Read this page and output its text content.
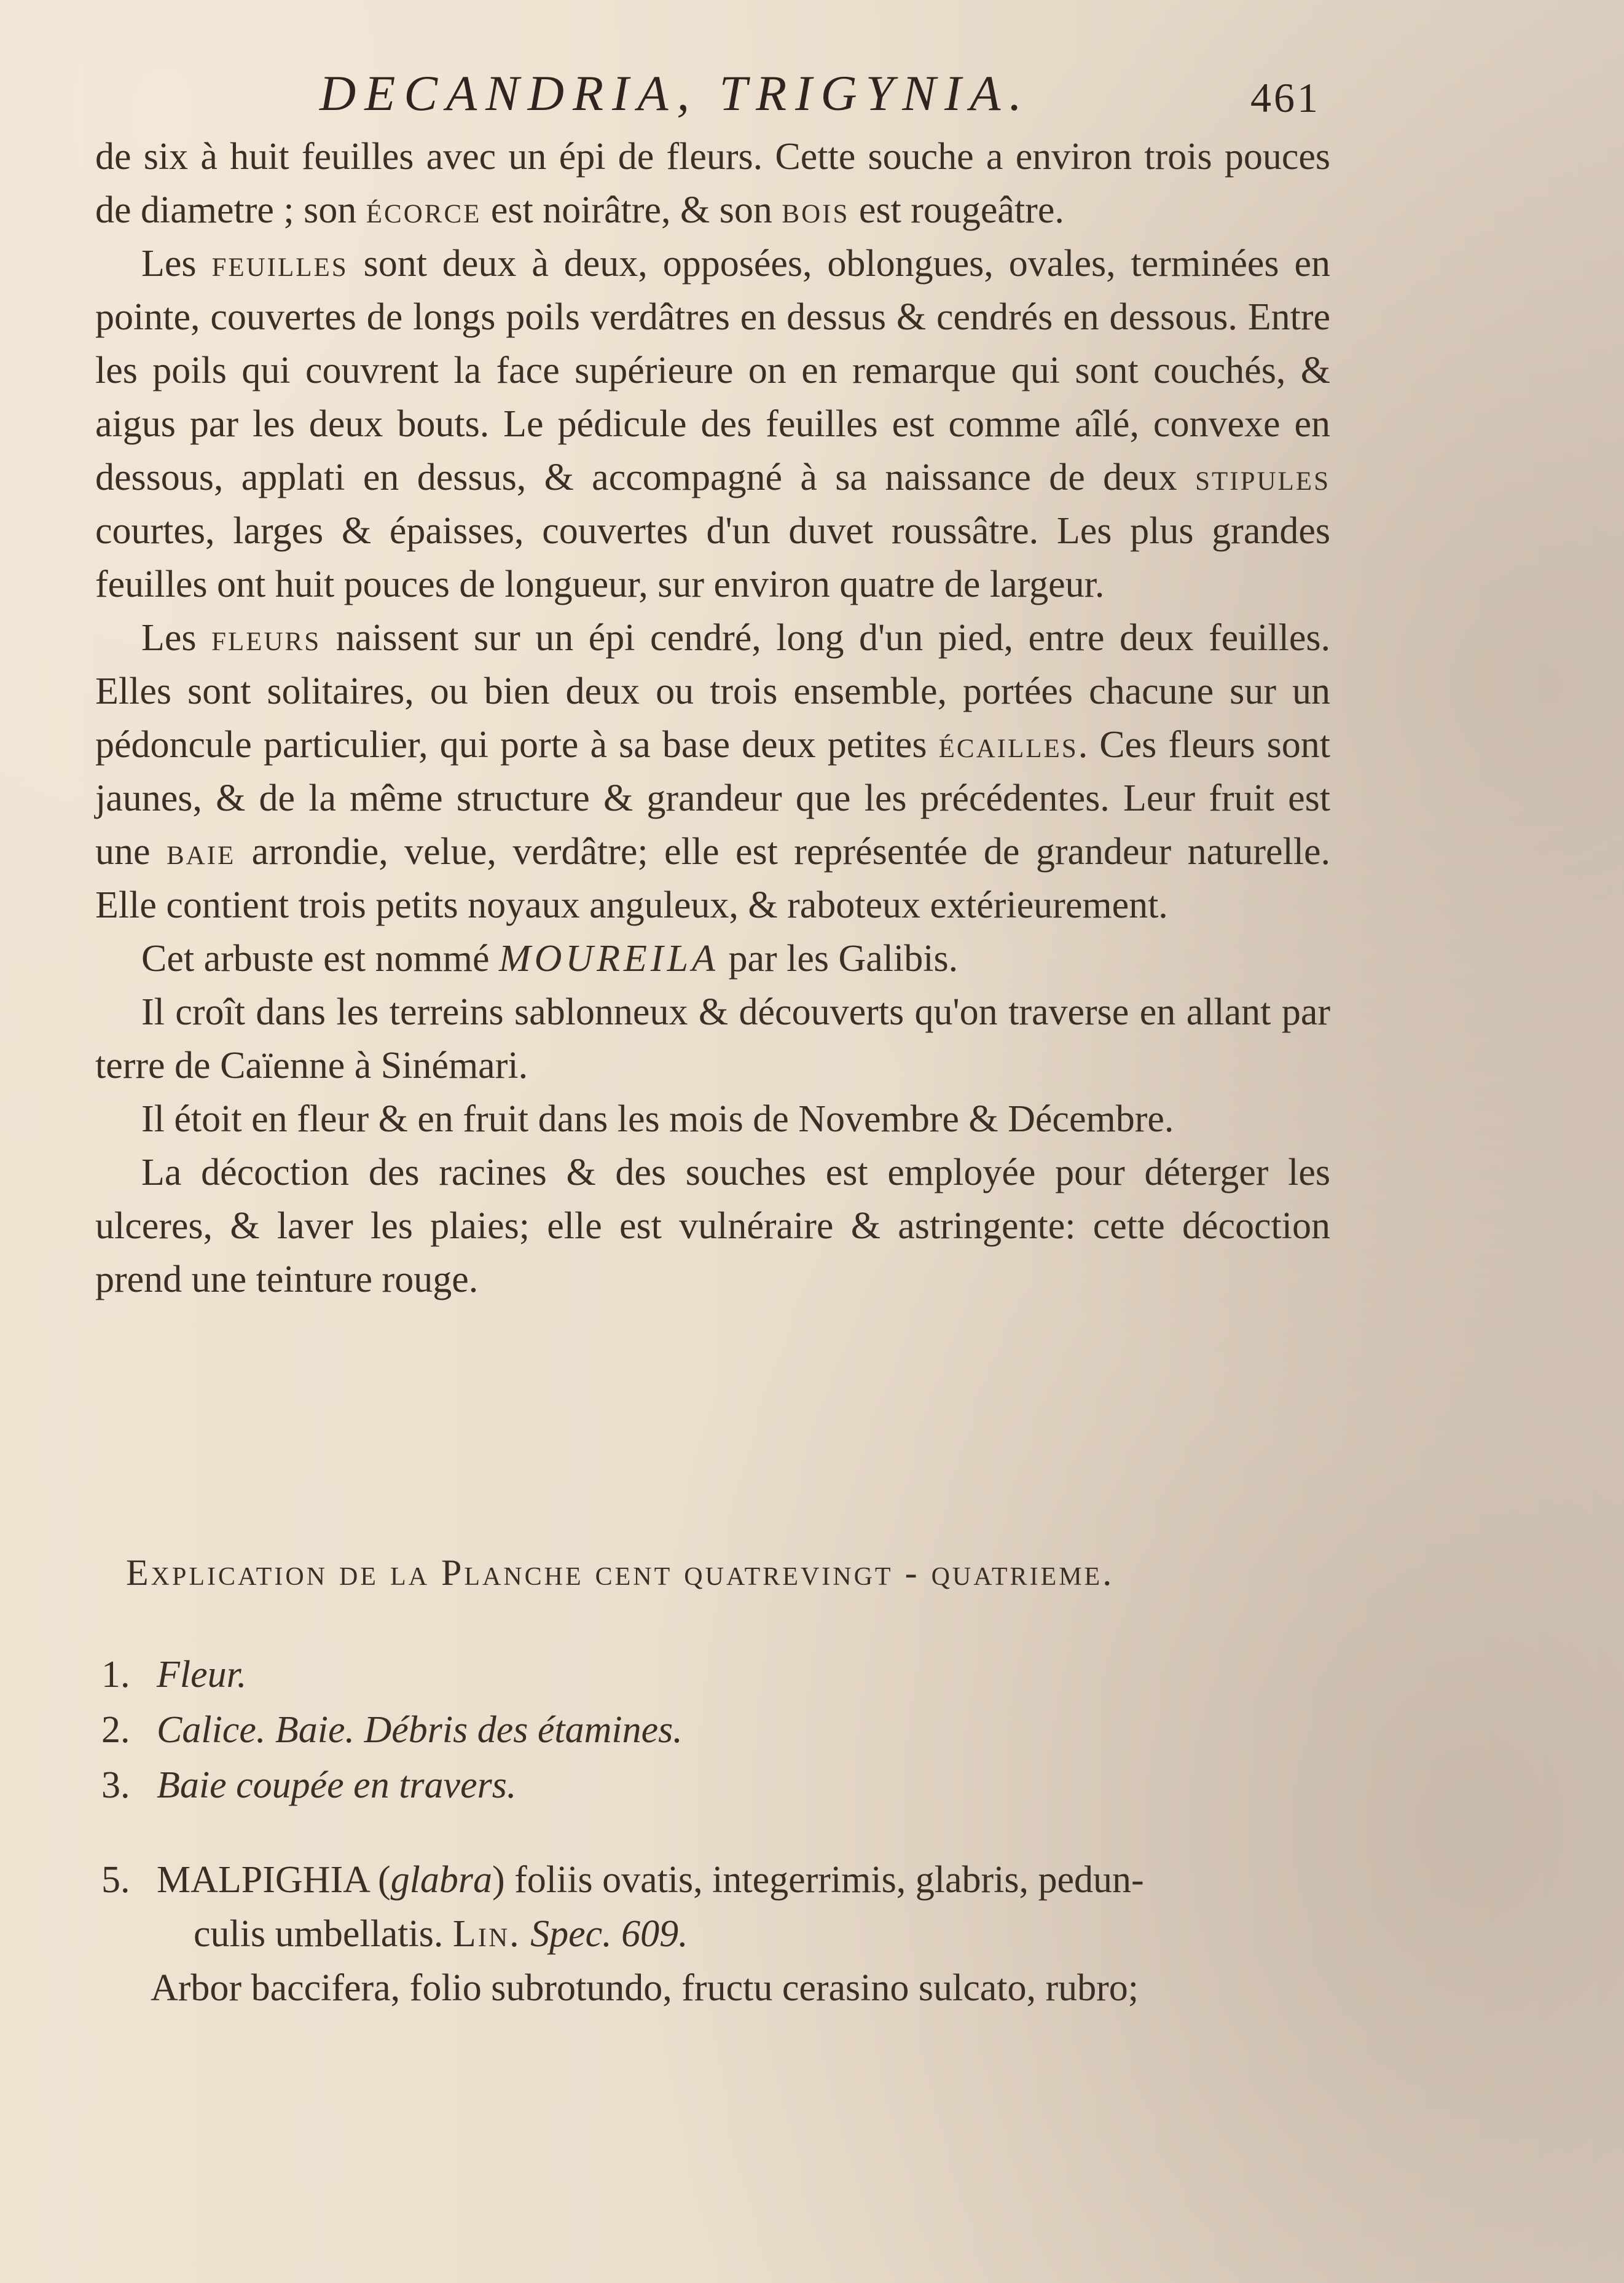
DECANDRIA, TRIGYNIA.	461

de six à huit feuilles avec un épi de fleurs. Cette souche a environ trois pouces de diametre ; son écorce est noirâtre, & son bois est rougeâtre.

Les feuilles sont deux à deux, opposées, oblongues, ovales, terminées en pointe, couvertes de longs poils verdâtres en dessus & cendrés en dessous. Entre les poils qui couvrent la face supérieure on en remarque qui sont couchés, & aigus par les deux bouts. Le pédicule des feuilles est comme aîlé, convexe en dessous, applati en dessus, & accompagné à sa naissance de deux stipules courtes, larges & épaisses, couvertes d'un duvet roussâtre. Les plus grandes feuilles ont huit pouces de longueur, sur environ quatre de largeur.

Les fleurs naissent sur un épi cendré, long d'un pied, entre deux feuilles. Elles sont solitaires, ou bien deux ou trois ensemble, portées chacune sur un pédoncule particulier, qui porte à sa base deux petites écailles. Ces fleurs sont jaunes, & de la même structure & grandeur que les précédentes. Leur fruit est une baie arrondie, velue, verdâtre; elle est représentée de grandeur naturelle. Elle contient trois petits noyaux anguleux, & raboteux extérieurement.

Cet arbuste est nommé MOUREILA par les Galibis.

Il croît dans les terreins sablonneux & découverts qu'on traverse en allant par terre de Caïenne à Sinémari.

Il étoit en fleur & en fruit dans les mois de Novembre & Décembre.

La décoction des racines & des souches est employée pour déterger les ulceres, & laver les plaies; elle est vulnéraire & astringente: cette décoction prend une teinture rouge.

Explication de la Planche cent quatrevingt - quatrieme.
1. Fleur.
2. Calice. Baie. Débris des étamines.
3. Baie coupée en travers.
5. MALPIGHIA (glabra) foliis ovatis, integerrimis, glabris, pedun-
culis umbellatis. Lin. Spec. 609.
Arbor baccifera, folio subrotundo, fructu cerasino sulcato, rubro;
